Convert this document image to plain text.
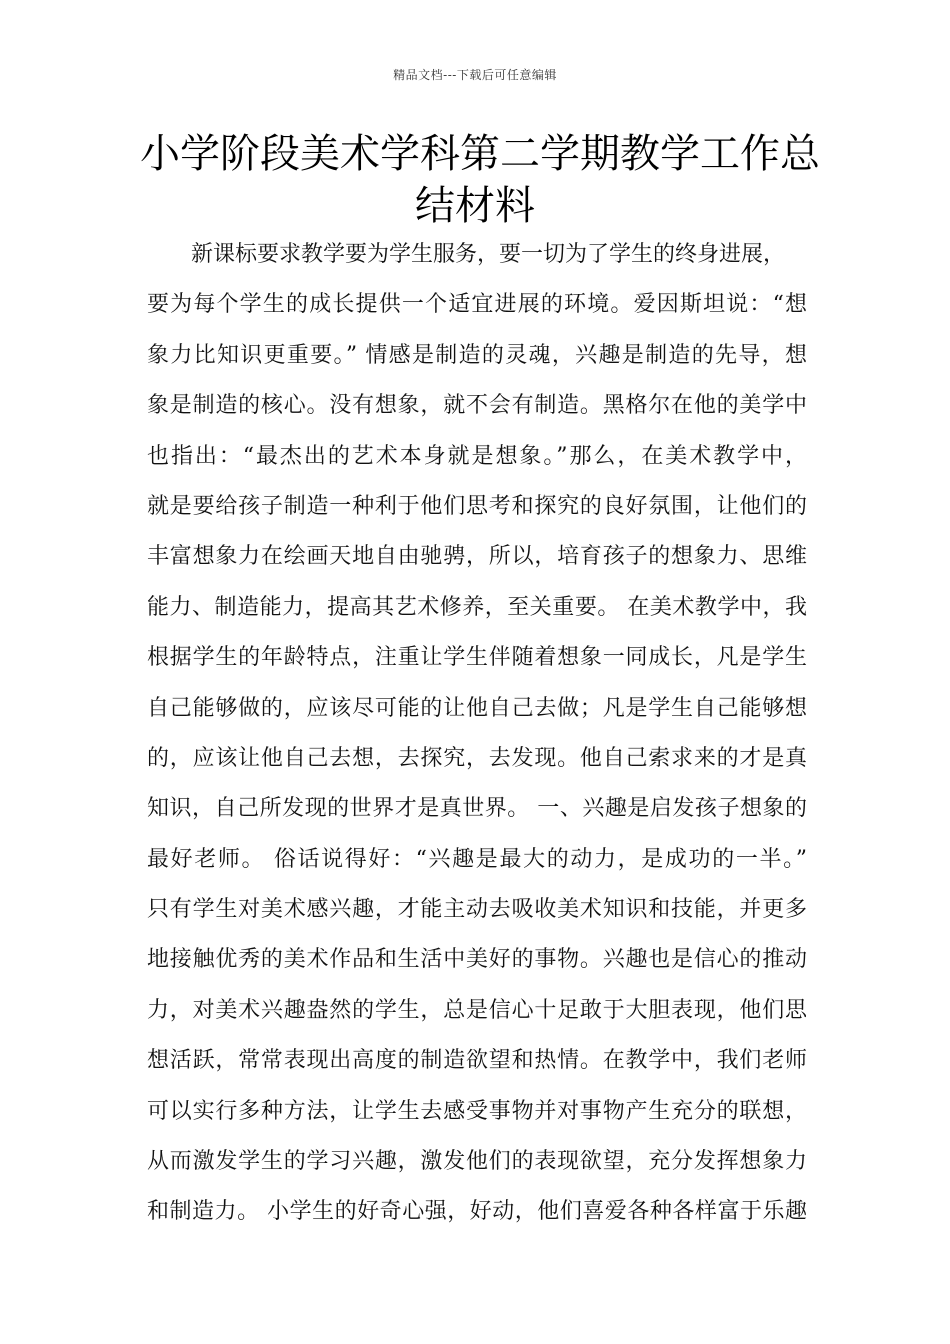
精品文档---下载后可任意编辑
小学阶段美术学科第二学期教学工作总
结材料
新课标要求教学要为学生服务，要一切为了学生的终身进展，
要为每个学生的成长提供一个适宜进展的环境。爱因斯坦说：“想
象力比知识更重要。” 情感是制造的灵魂，兴趣是制造的先导，想
象是制造的核心。没有想象，就不会有制造。黑格尔在他的美学中
也指出：“最杰出的艺术本身就是想象。”那么，在美术教学中，
就是要给孩子制造一种利于他们思考和探究的良好氛围，让他们的
丰富想象力在绘画天地自由驰骋，所以，培育孩子的想象力、思维
能力、制造能力，提高其艺术修养，至关重要。 在美术教学中，我
根据学生的年龄特点，注重让学生伴随着想象一同成长，凡是学生
自己能够做的，应该尽可能的让他自己去做；凡是学生自己能够想
的，应该让他自己去想，去探究，去发现。他自己索求来的才是真
知识，自己所发现的世界才是真世界。 一、兴趣是启发孩子想象的
最好老师。 俗话说得好：“兴趣是最大的动力，是成功的一半。”
只有学生对美术感兴趣，才能主动去吸收美术知识和技能，并更多
地接触优秀的美术作品和生活中美好的事物。兴趣也是信心的推动
力，对美术兴趣盎然的学生，总是信心十足敢于大胆表现，他们思
想活跃，常常表现出高度的制造欲望和热情。在教学中，我们老师
可以实行多种方法，让学生去感受事物并对事物产生充分的联想，
从而激发学生的学习兴趣，激发他们的表现欲望，充分发挥想象力
和制造力。 小学生的好奇心强，好动，他们喜爱各种各样富于乐趣
